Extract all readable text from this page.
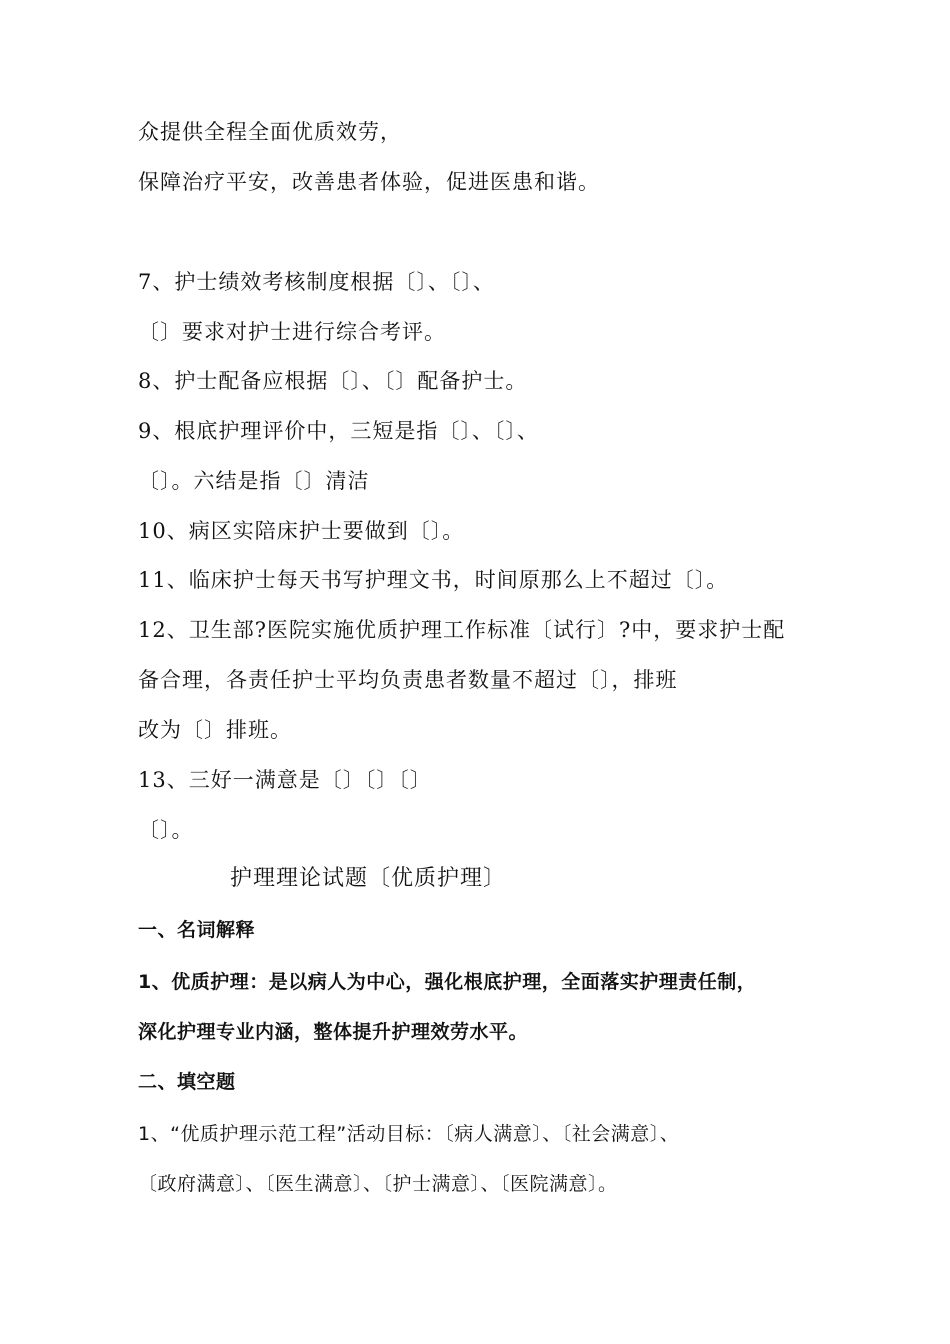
众提供全程全面优质效劳，
保障治疗平安，改善患者体验，促进医患和谐。
7、护士绩效考核制度根据〔〕、〔〕、
〔〕要求对护士进行综合考评。
8、护士配备应根据〔〕、〔〕配备护士。
9、根底护理评价中，三短是指〔〕、〔〕、
〔〕。六结是指〔〕清洁
10、病区实陪床护士要做到〔〕。
11、临床护士每天书写护理文书，时间原那么上不超过〔〕。
12、卫生部?医院实施优质护理工作标准〔试行〕?中，要求护士配
备合理，各责任护士平均负责患者数量不超过〔〕，排班
改为〔〕排班。
13、三好一满意是〔〕〔〕〔〕
〔〕。
护理理论试题〔优质护理〕
一、名词解释
1、优质护理：是以病人为中心，强化根底护理，全面落实护理责任制，
深化护理专业内涵，整体提升护理效劳水平。
二、填空题
1、“优质护理示范工程”活动目标：〔病人满意〕、〔社会满意〕、
〔政府满意〕、〔医生满意〕、〔护士满意〕、〔医院满意〕。
